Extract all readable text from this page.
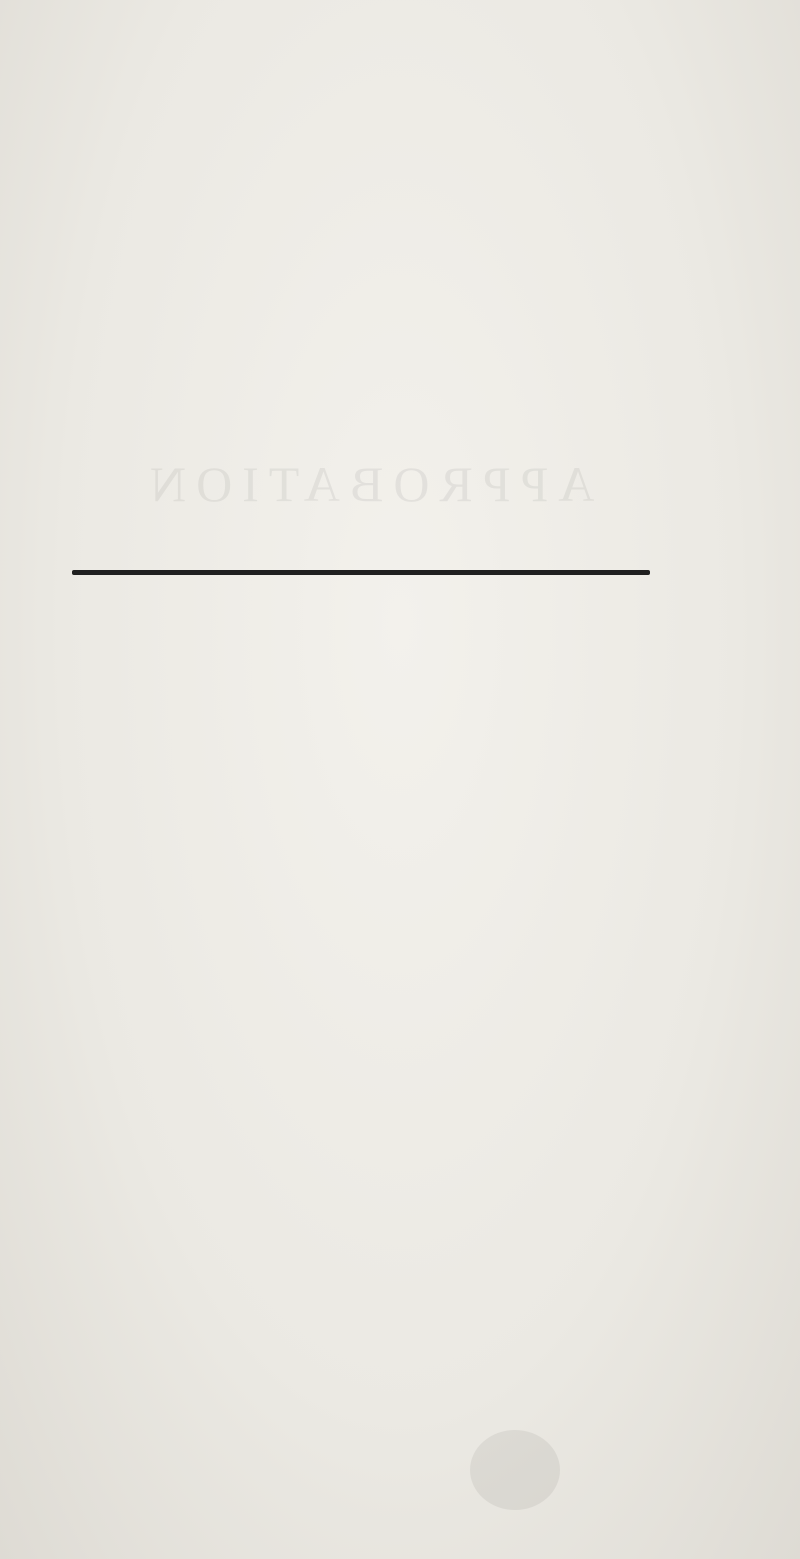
APPROBATION
